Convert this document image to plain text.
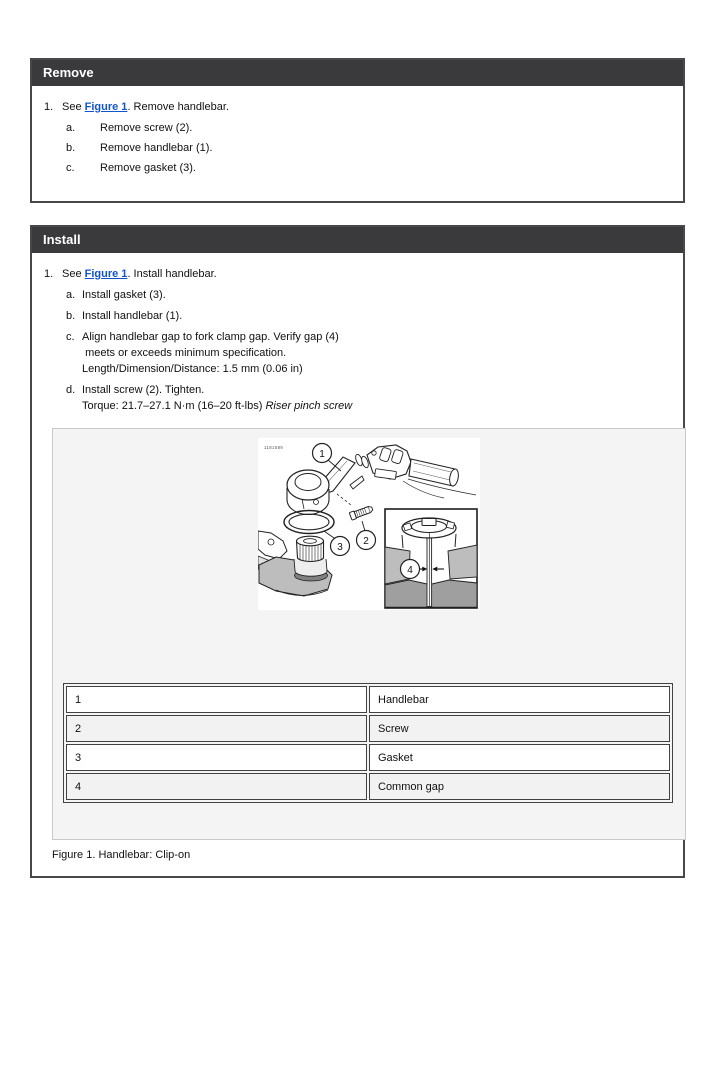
Remove
1. See Figure 1. Remove handlebar.
a.	Remove screw (2).
b.	Remove handlebar (1).
c.	Remove gasket (3).
Install
1. See Figure 1. Install handlebar.
a. Install gasket (3).
b. Install handlebar (1).
c. Align handlebar gap to fork clamp gap. Verify gap (4)
meets or exceeds minimum specification.
Length/Dimension/Distance: 1.5 mm (0.06 in)
d. Install screw (2). Tighten.
Torque: 21.7–27.1 N·m (16–20 ft-lbs) Riser pinch screw
1181589
1
2
3
4
1	Handlebar
2	Screw
3	Gasket
4	Common gap
Figure 1. Handlebar: Clip-on
